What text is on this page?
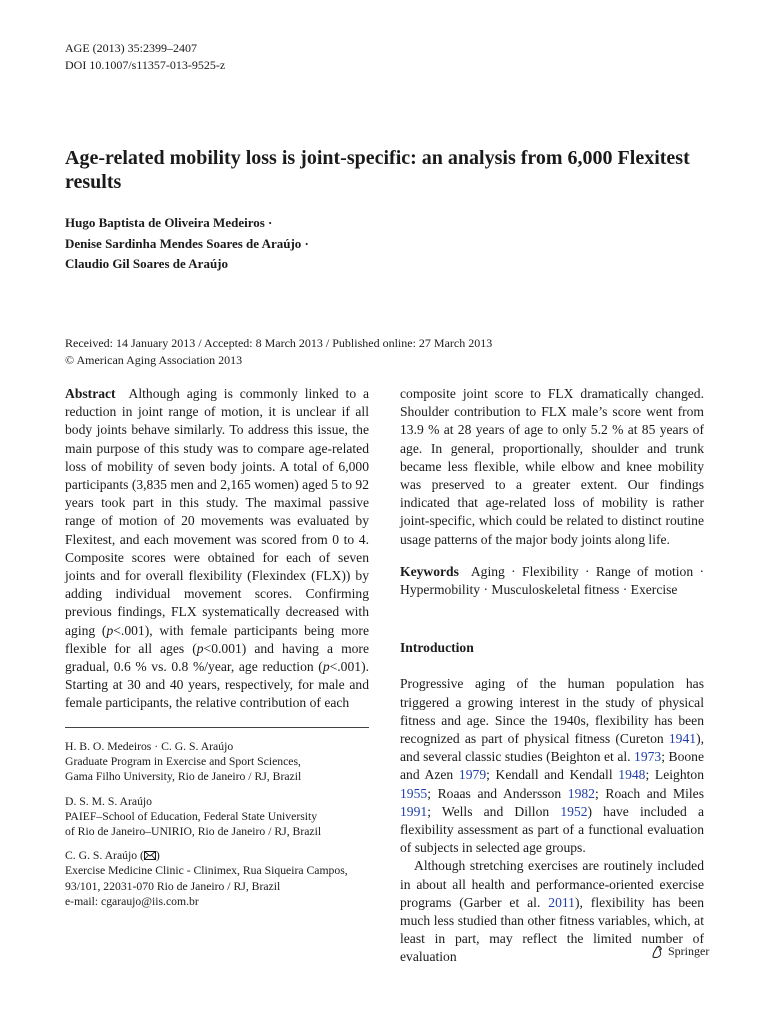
AGE (2013) 35:2399–2407
DOI 10.1007/s11357-013-9525-z
Age-related mobility loss is joint-specific: an analysis from 6,000 Flexitest results
Hugo Baptista de Oliveira Medeiros ·
Denise Sardinha Mendes Soares de Araújo ·
Claudio Gil Soares de Araújo
Received: 14 January 2013 / Accepted: 8 March 2013 / Published online: 27 March 2013
© American Aging Association 2013

Abstract Although aging is commonly linked to a reduction in joint range of motion, it is unclear if all body joints behave similarly. To address this issue, the main purpose of this study was to compare age-related loss of mobility of seven body joints. A total of 6,000 participants (3,835 men and 2,165 women) aged 5 to 92 years took part in this study. The maximal passive range of motion of 20 movements was evaluated by Flexitest, and each movement was scored from 0 to 4. Composite scores were obtained for each of seven joints and for overall flexibility (Flexindex (FLX)) by adding individual movement scores. Confirming previous findings, FLX systematically decreased with aging (p<.001), with female participants being more flexible for all ages (p<0.001) and having a more gradual, 0.6 % vs. 0.8 %/year, age reduction (p<.001). Starting at 30 and 40 years, respectively, for male and female participants, the relative contribution of each

composite joint score to FLX dramatically changed. Shoulder contribution to FLX male’s score went from 13.9 % at 28 years of age to only 5.2 % at 85 years of age. In general, proportionally, shoulder and trunk became less flexible, while elbow and knee mobility was preserved to a greater extent. Our findings indicated that age-related loss of mobility is rather joint-specific, which could be related to distinct routine usage patterns of the major body joints along life.

Keywords Aging · Flexibility · Range of motion · Hypermobility · Musculoskeletal fitness · Exercise

Introduction

Progressive aging of the human population has triggered a growing interest in the study of physical fitness and age. Since the 1940s, flexibility has been recognized as part of physical fitness (Cureton 1941), and several classic studies (Beighton et al. 1973; Boone and Azen 1979; Kendall and Kendall 1948; Leighton 1955; Roaas and Andersson 1982; Roach and Miles 1991; Wells and Dillon 1952) have included a flexibility assessment as part of a functional evaluation of subjects in selected age groups.

Although stretching exercises are routinely included in about all health and performance-oriented exercise programs (Garber et al. 2011), flexibility has been much less studied than other fitness variables, which, at least in part, may reflect the limited number of evaluation

H. B. O. Medeiros · C. G. S. Araújo
Graduate Program in Exercise and Sport Sciences,
Gama Filho University, Rio de Janeiro / RJ, Brazil
D. S. M. S. Araújo
PAIEF–School of Education, Federal State University
of Rio de Janeiro–UNIRIO, Rio de Janeiro / RJ, Brazil
C. G. S. Araújo ( )
Exercise Medicine Clinic - Clinimex, Rua Siqueira Campos,
93/101, 22031-070 Rio de Janeiro / RJ, Brazil
e-mail: cgaraujo@iis.com.br
Springer
